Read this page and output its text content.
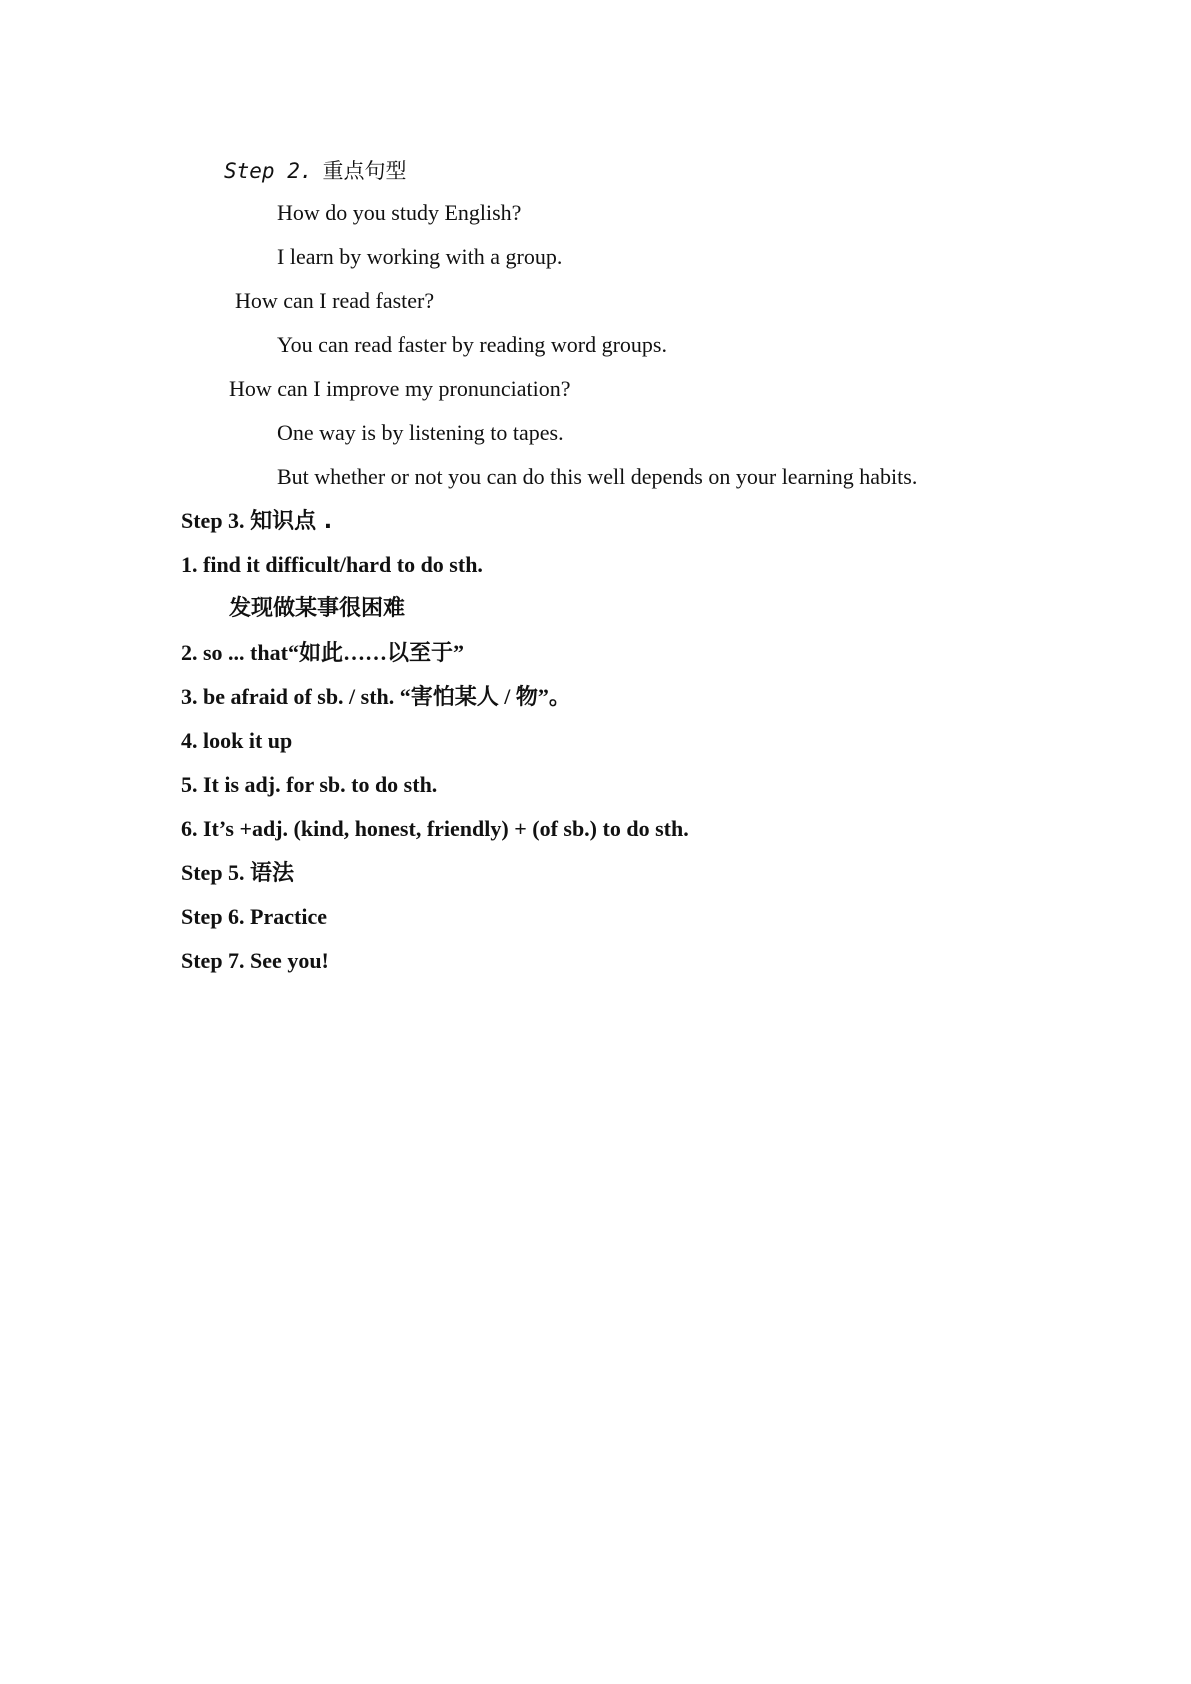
Step 2. 重点句型
How do you study English?
I learn by working with a group.
How can I read faster?
You can read faster by reading word groups.
How can I improve my pronunciation?
One way is by listening to tapes.
But whether or not you can do this well depends on your learning habits.
Step 3. 知识点 .
1. find it difficult/hard to do sth.
发现做某事很困难
2. so ... that“如此……以至于”
3. be afraid of sb. / sth. “害怕某人 / 物”。
4. look it up
5. It is adj. for sb. to do sth.
6. It’s +adj. (kind, honest, friendly) + (of sb.) to do sth.
Step 5. 语法
Step 6. Practice
Step 7. See you!
